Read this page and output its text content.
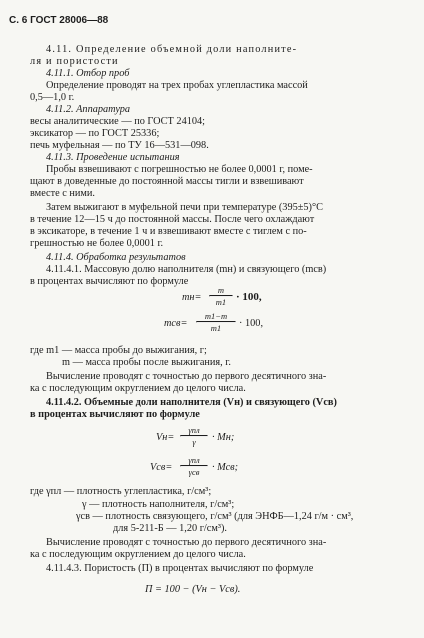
С. 6 ГОСТ 28006—88
4.11. Определение объемной доли наполните-
ля и пористости
4.11.1. Отбор проб
Определение проводят на трех пробах углепластика массой
0,5—1,0 г.
4.11.2. Аппаратура
весы аналитические — по ГОСТ 24104;
эксикатор — по ГОСТ 25336;
печь муфельная — по ТУ 16—531—098.
4.11.3. Проведение испытания
Пробы взвешивают с погрешностью не более 0,0001 г, поме-
щают в доведенные до постоянной массы тигли и взвешивают
вместе с ними.
Затем выжигают в муфельной печи при температуре (395±5)°С
в течение 12—15 ч до постоянной массы. После чего охлаждают
в эксикаторе, в течение 1 ч и взвешивают вместе с тиглем с по-
грешностью не более 0,0001 г.
4.11.4. Обработка результатов
4.11.4.1. Массовую долю наполнителя (mн) и связующего (mсв)
в процентах вычисляют по формуле
mн=
m
m1 · 100,
mсв=
m1−m
m1 · 100,
где m1 — масса пробы до выжигания, г;
m — масса пробы после выжигания, г.
Вычисление проводят с точностью до первого десятичного зна-
ка с последующим округлением до целого числа.
4.11.4.2. Объемные доли наполнителя (Vн) и связующего (Vсв)
в процентах вычисляют по формуле
Vн=
γпл
γ · Мн;
Vсв=
γпл
γсв · Мсв;
где γпл — плотность углепластика, г/см³;
γ — плотность наполнителя, г/см³;
γсв — плотность связующего, г/см³ (для ЭНФБ—1,24 г/м · см³,
для 5-211-Б — 1,20 г/см³).
Вычисление проводят с точностью до первого десятичного зна-
ка с последующим округлением до целого числа.
4.11.4.3. Пористость (П) в процентах вычисляют по формуле
П = 100 − (Vн − Vсв).
